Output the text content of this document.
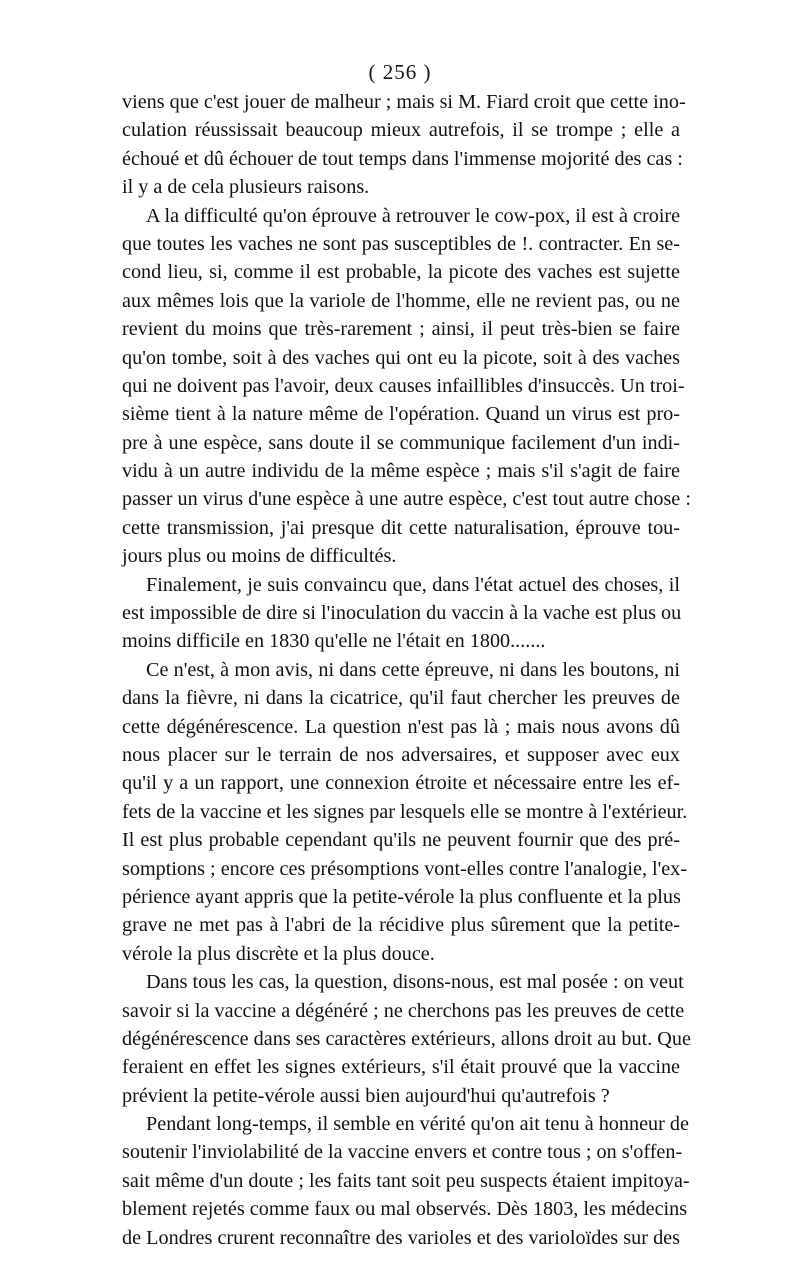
( 256 )
viens que c'est jouer de malheur ; mais si M. Fiard croit que cette ino-
culation réussissait beaucoup mieux autrefois, il se trompe ; elle a
échoué et dû échouer de tout temps dans l'immense mojorité des cas :
il y a de cela plusieurs raisons.
A la difficulté qu'on éprouve à retrouver le cow-pox, il est à croire
que toutes les vaches ne sont pas susceptibles de !. contracter. En se-
cond lieu, si, comme il est probable, la picote des vaches est sujette
aux mêmes lois que la variole de l'homme, elle ne revient pas, ou ne
revient du moins que très-rarement ; ainsi, il peut très-bien se faire
qu'on tombe, soit à des vaches qui ont eu la picote, soit à des vaches
qui ne doivent pas l'avoir, deux causes infaillibles d'insuccès. Un troi-
sième tient à la nature même de l'opération. Quand un virus est pro-
pre à une espèce, sans doute il se communique facilement d'un indi-
vidu à un autre individu de la même espèce ; mais s'il s'agit de faire
passer un virus d'une espèce à une autre espèce, c'est tout autre chose :
cette transmission, j'ai presque dit cette naturalisation, éprouve tou-
jours plus ou moins de difficultés.
Finalement, je suis convaincu que, dans l'état actuel des choses, il
est impossible de dire si l'inoculation du vaccin à la vache est plus ou
moins difficile en 1830 qu'elle ne l'était en 1800.......
Ce n'est, à mon avis, ni dans cette épreuve, ni dans les boutons, ni
dans la fièvre, ni dans la cicatrice, qu'il faut chercher les preuves de
cette dégénérescence. La question n'est pas là ; mais nous avons dû
nous placer sur le terrain de nos adversaires, et supposer avec eux
qu'il y a un rapport, une connexion étroite et nécessaire entre les ef-
fets de la vaccine et les signes par lesquels elle se montre à l'extérieur.
Il est plus probable cependant qu'ils ne peuvent fournir que des pré-
somptions ; encore ces présomptions vont-elles contre l'analogie, l'ex-
périence ayant appris que la petite-vérole la plus confluente et la plus
grave ne met pas à l'abri de la récidive plus sûrement que la petite-
vérole la plus discrète et la plus douce.
Dans tous les cas, la question, disons-nous, est mal posée : on veut
savoir si la vaccine a dégénéré ; ne cherchons pas les preuves de cette
dégénérescence dans ses caractères extérieurs, allons droit au but. Que
feraient en effet les signes extérieurs, s'il était prouvé que la vaccine
prévient la petite-vérole aussi bien aujourd'hui qu'autrefois ?
Pendant long-temps, il semble en vérité qu'on ait tenu à honneur de
soutenir l'inviolabilité de la vaccine envers et contre tous ; on s'offen-
sait même d'un doute ; les faits tant soit peu suspects étaient impitoya-
blement rejetés comme faux ou mal observés. Dès 1803, les médecins
de Londres crurent reconnaître des varioles et des varioloïdes sur des
